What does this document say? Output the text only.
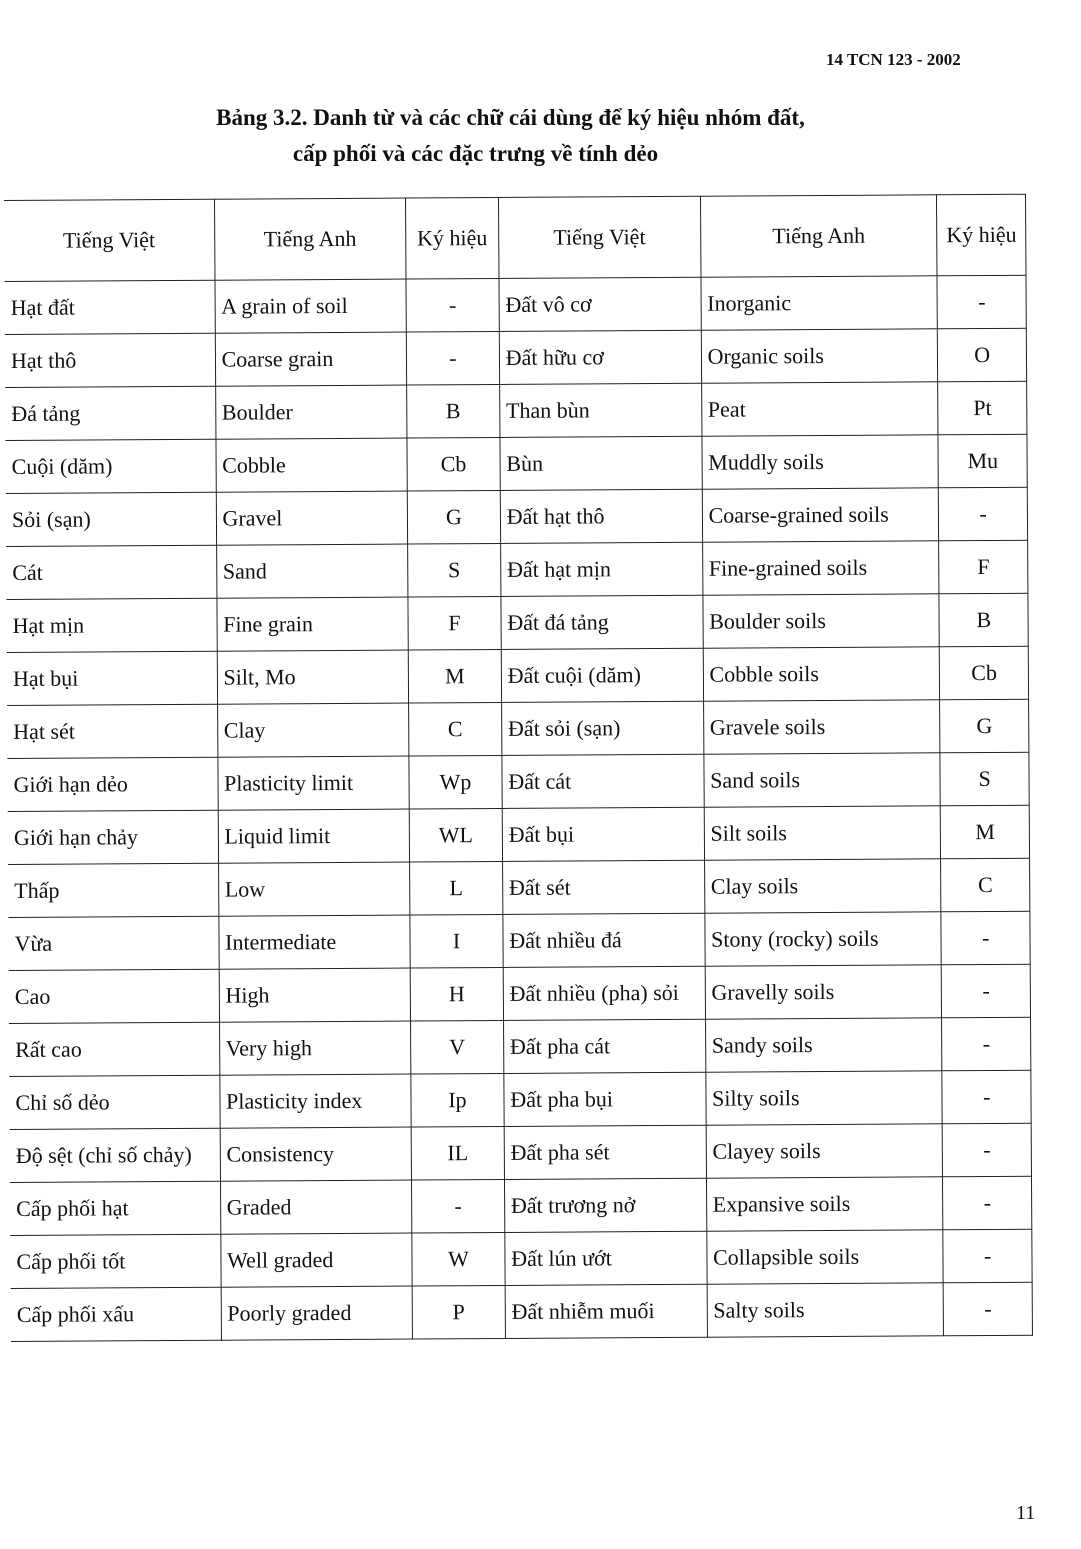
14 TCN 123 - 2002
Bảng 3.2. Danh từ và các chữ cái dùng để ký hiệu nhóm đất,
cấp phối và các đặc trưng về tính dẻo
Tiếng Việt	Tiếng Anh	Ký hiệu	Tiếng Việt	Tiếng Anh	Ký hiệu
Hạt đất	A grain of soil	-	Đất vô cơ	Inorganic	-
Hạt thô	Coarse grain	-	Đất hữu cơ	Organic soils	O
Đá tảng	Boulder	B	Than bùn	Peat	Pt
Cuội (dăm)	Cobble	Cb	Bùn	Muddly soils	Mu
Sỏi (sạn)	Gravel	G	Đất hạt thô	Coarse-grained soils	-
Cát	Sand	S	Đất hạt mịn	Fine-grained soils	F
Hạt mịn	Fine grain	F	Đất đá tảng	Boulder soils	B
Hạt bụi	Silt, Mo	M	Đất cuội (dăm)	Cobble soils	Cb
Hạt sét	Clay	C	Đất sỏi (sạn)	Gravele soils	G
Giới hạn dẻo	Plasticity limit	Wp	Đất cát	Sand soils	S
Giới hạn chảy	Liquid limit	WL	Đất bụi	Silt soils	M
Thấp	Low	L	Đất sét	Clay soils	C
Vừa	Intermediate	I	Đất nhiều đá	Stony (rocky) soils	-
Cao	High	H	Đất nhiều (pha) sỏi	Gravelly soils	-
Rất cao	Very high	V	Đất pha cát	Sandy soils	-
Chỉ số dẻo	Plasticity index	Ip	Đất pha bụi	Silty soils	-
Độ sệt (chỉ số chảy)	Consistency	IL	Đất pha sét	Clayey soils	-
Cấp phối hạt	Graded	-	Đất trương nở	Expansive soils	-
Cấp phối tốt	Well graded	W	Đất lún ướt	Collapsible soils	-
Cấp phối xấu	Poorly graded	P	Đất nhiễm muối	Salty soils	-
11
